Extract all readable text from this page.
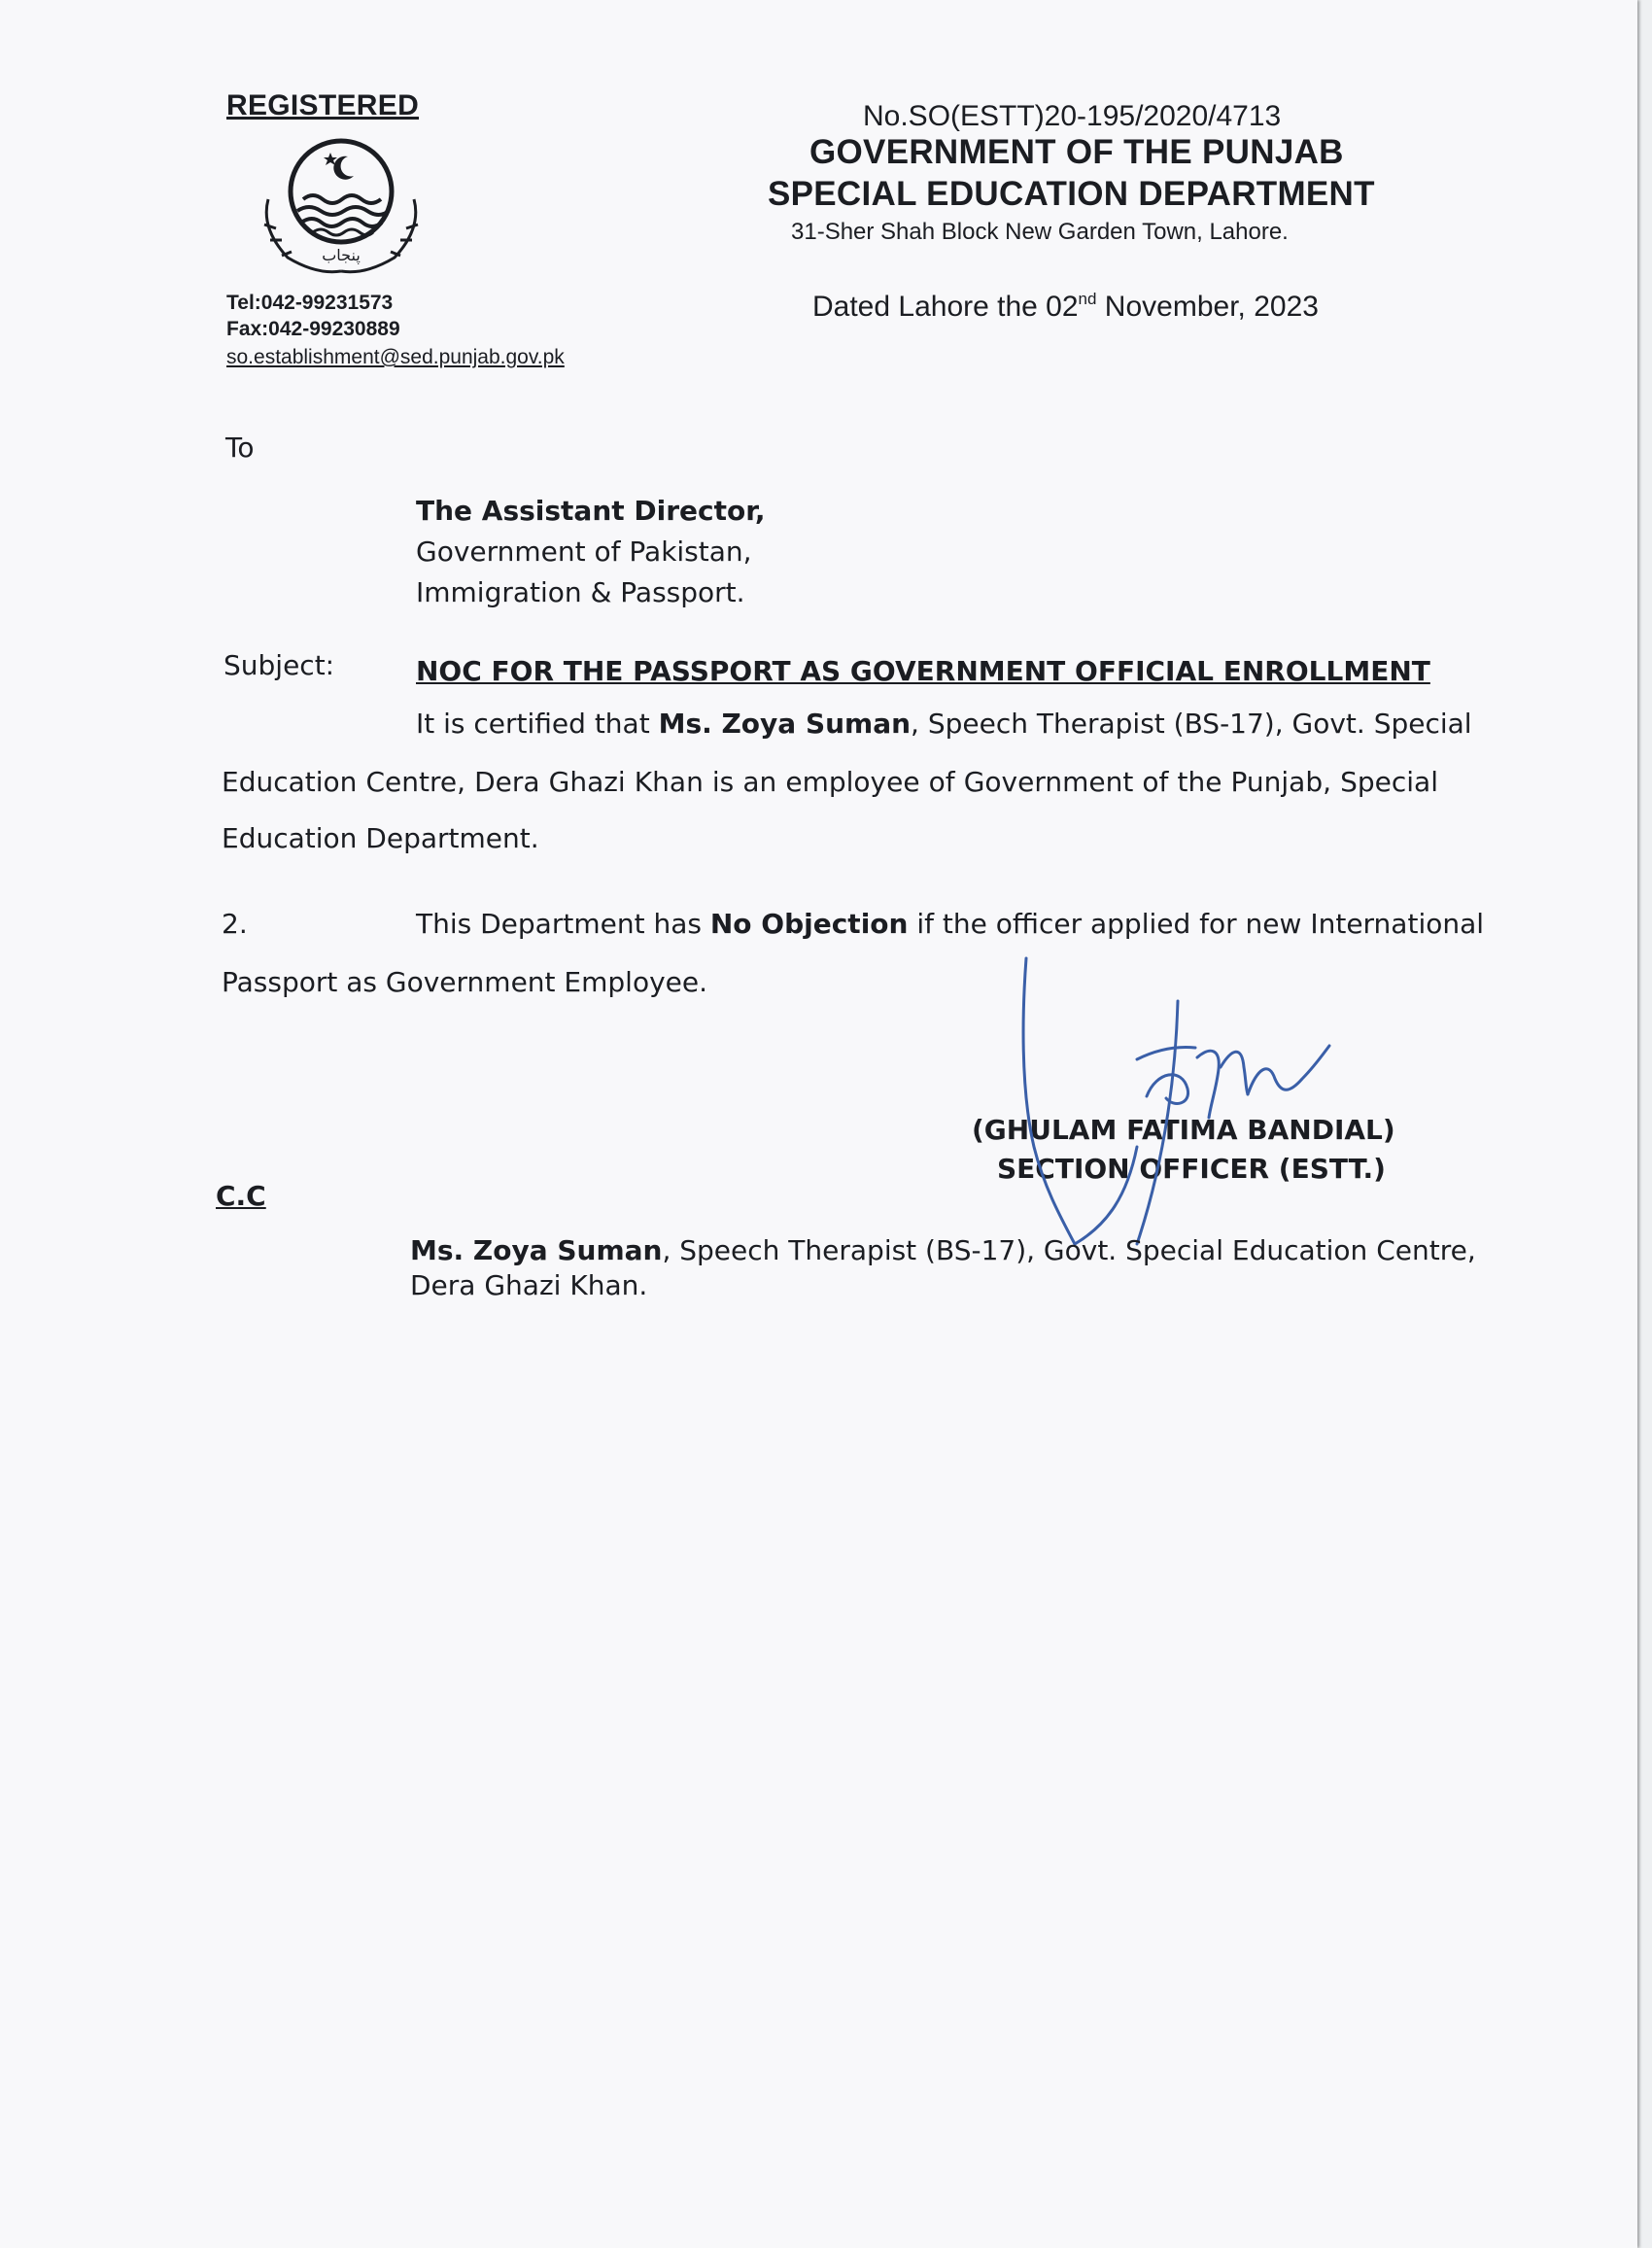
REGISTERED
پنجاب
Tel:042-99231573
Fax:042-99230889
so.establishment@sed.punjab.gov.pk
No.SO(ESTT)20-195/2020/4713
GOVERNMENT OF THE PUNJAB
SPECIAL EDUCATION DEPARTMENT
31-Sher Shah Block New Garden Town, Lahore.
Dated Lahore the 02nd November, 2023
To
The Assistant Director,
Government of Pakistan,
Immigration & Passport.
Subject:	NOC FOR THE PASSPORT AS GOVERNMENT OFFICIAL ENROLLMENT
It is certified that Ms. Zoya Suman, Speech Therapist (BS-17), Govt. Special
Education Centre, Dera Ghazi Khan is an employee of Government of the Punjab, Special
Education Department.
2.	This Department has No Objection if the officer applied for new International
Passport as Government Employee.
(GHULAM FATIMA BANDIAL)
SECTION OFFICER (ESTT.)
C.C
Ms. Zoya Suman, Speech Therapist (BS-17), Govt. Special Education Centre,
Dera Ghazi Khan.
